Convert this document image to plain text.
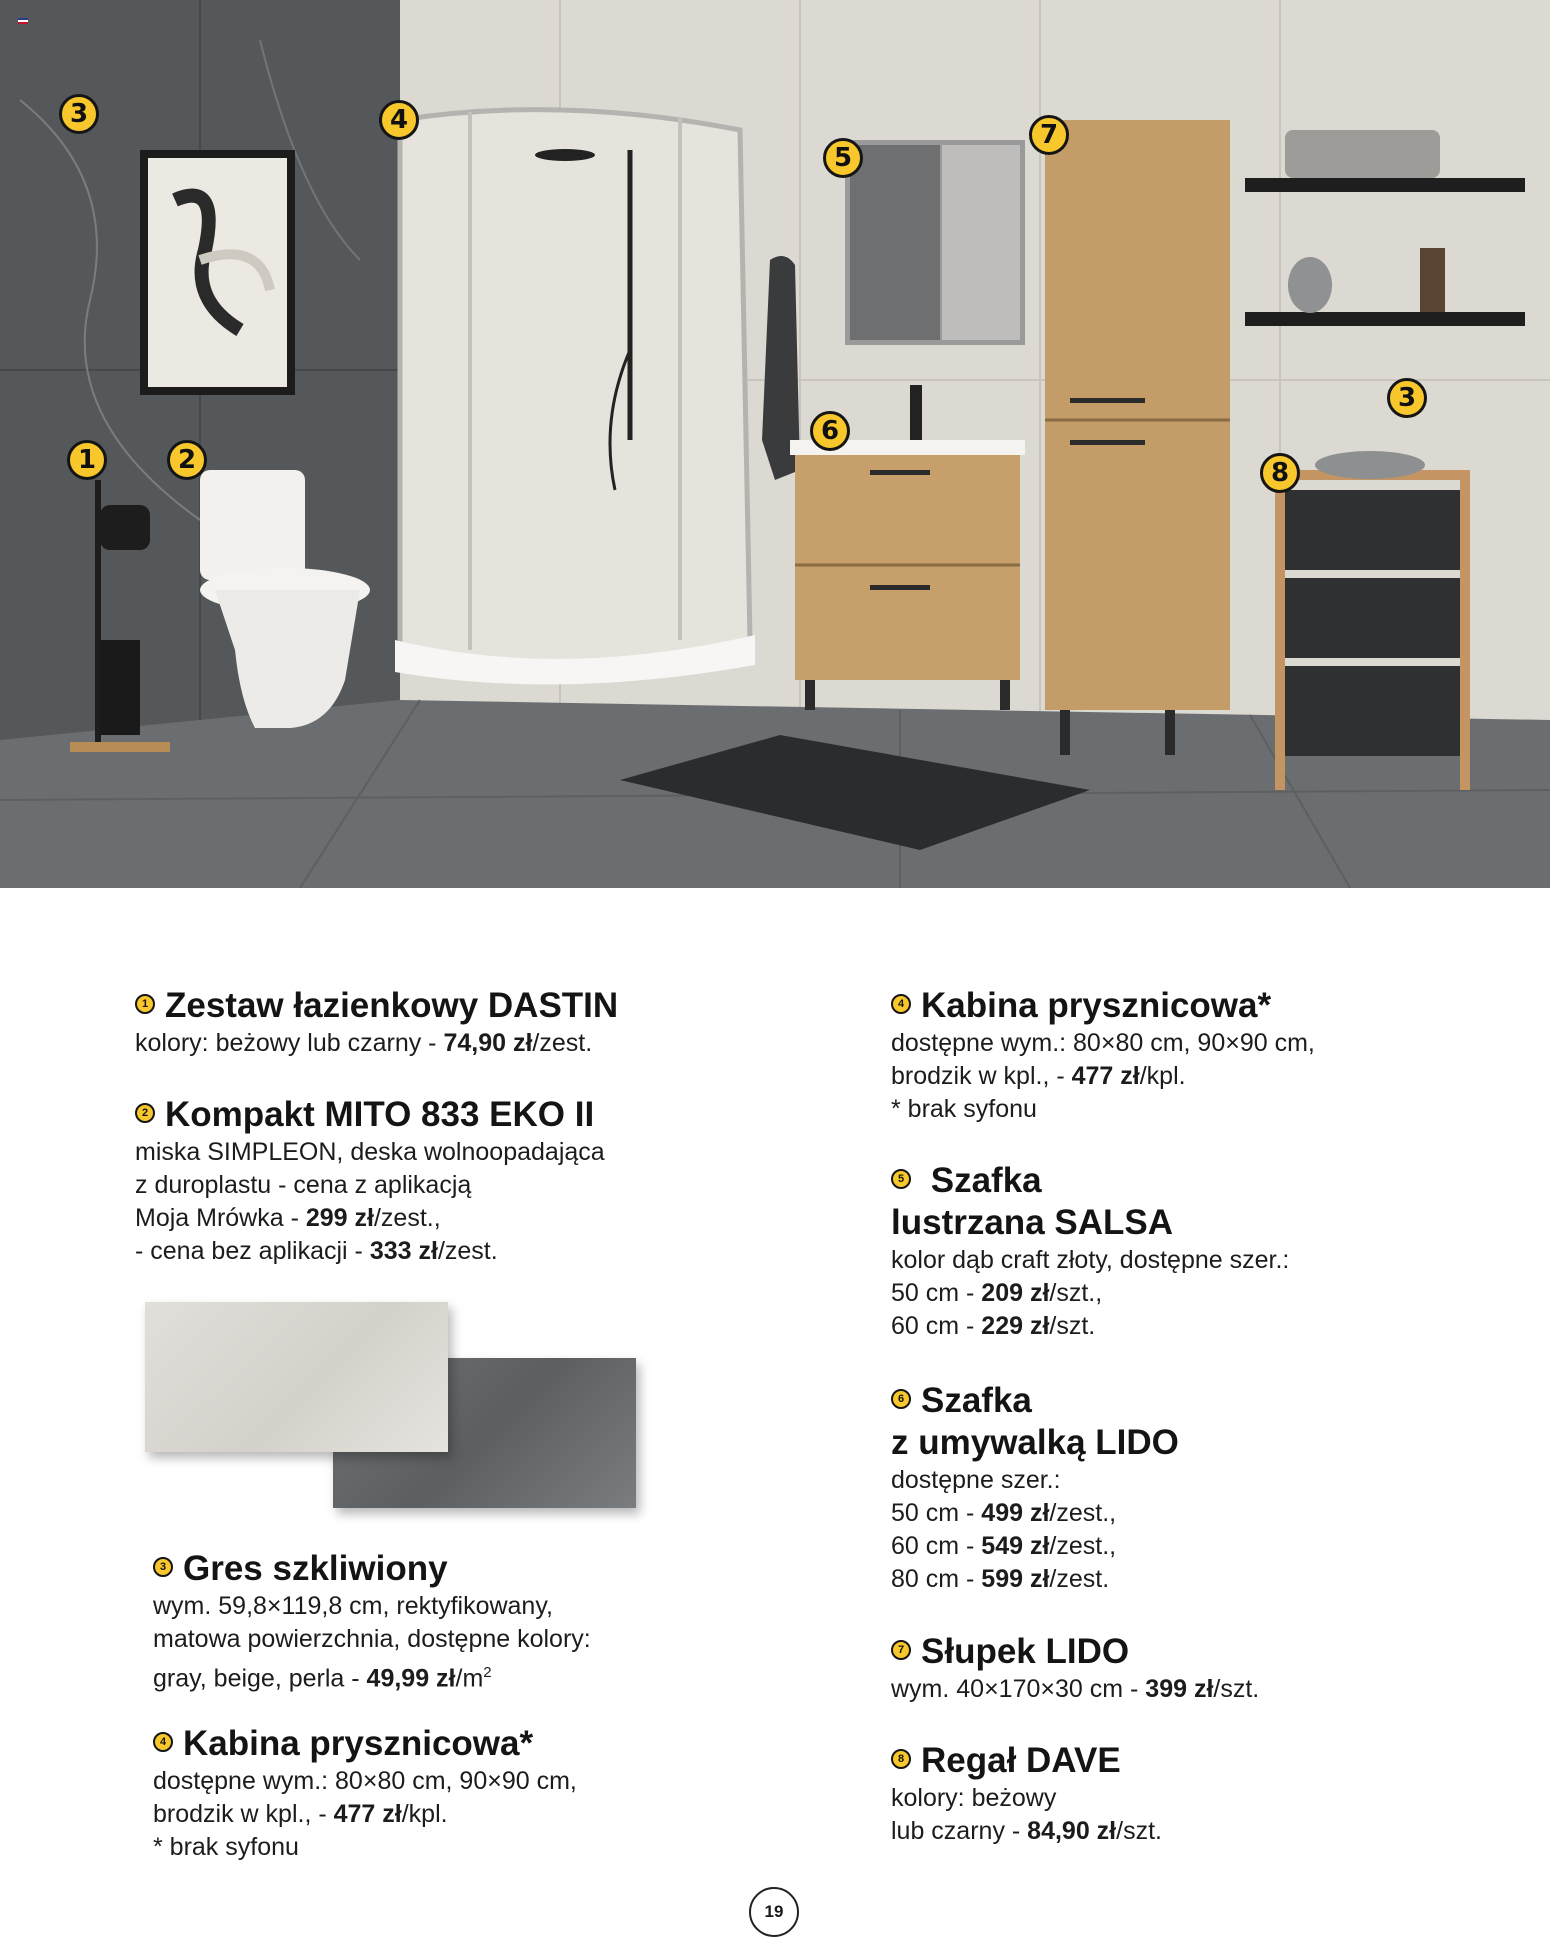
3	4
5
7
3
6
8
1	2
1 Zestaw łazienkowy DASTIN

kolory: beżowy lub czarny - 74,90 zł/zest.

2 Kompakt MITO 833 EKO II

miska SIMPLEON, deska wolnoopadająca

z duroplastu - cena z aplikacją

Moja Mrówka - 299 zł/zest.,

- cena bez aplikacji - 333 zł/zest.

3 Gres szkliwiony

wym. 59,8×119,8 cm, rektyfikowany,

matowa powierzchnia, dostępne kolory:

gray, beige, perla - 49,99 $zł/m^2$

4 Kabina prysznicowa*

dostępne wym.: 80×80 cm, 90×90 cm,

brodzik w kpl., - 477 zł/kpl.

* brak syfonu

4 Kabina prysznicowa*

dostępne wym.: 80×80 cm, 90×90 cm,

brodzik w kpl., - 477 zł/kpl.

* brak syfonu

5 Szafka
lustrzana SALSA

kolor dąb craft złoty, dostępne szer.:

50 cm - 209 zł/szt.,

60 cm - 229 zł/szt.

6 Szafka
z umywalką LIDO

dostępne szer.:

50 cm - 499 zł/zest.,

60 cm - 549 zł/zest.,

80 cm - 599 zł/zest.

7 Słupek LIDO

wym. 40×170×30 cm - 399 zł/szt.

8 Regał DAVE

kolory: beżowy

lub czarny - 84,90 zł/szt.

19
